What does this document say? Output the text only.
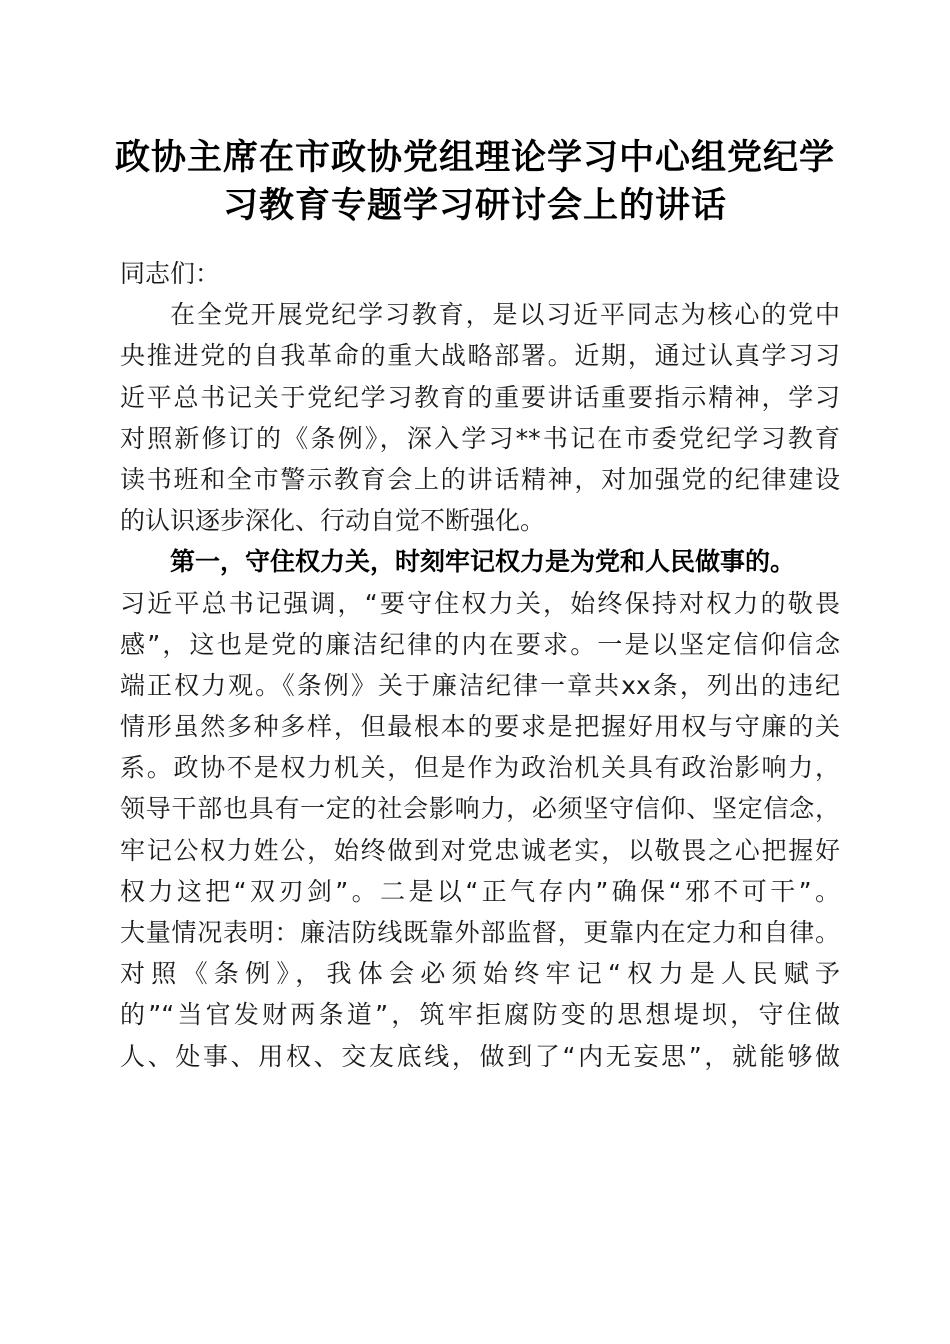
政协主席在市政协党组理论学习中心组党纪学
习教育专题学习研讨会上的讲话
同志们：
在全党开展党纪学习教育，是以习近平同志为核心的党中
央推进党的自我革命的重大战略部署。近期，通过认真学习习
近平总书记关于党纪学习教育的重要讲话重要指示精神，学习
对照新修订的《条例》，深入学习**书记在市委党纪学习教育
读书班和全市警示教育会上的讲话精神，对加强党的纪律建设
的认识逐步深化、行动自觉不断强化。
第一，守住权力关，时刻牢记权力是为党和人民做事的。
习近平总书记强调，“要守住权力关，始终保持对权力的敬畏
感”，这也是党的廉洁纪律的内在要求。一是以坚定信仰信念
端正权力观。《条例》关于廉洁纪律一章共xx条，列出的违纪
情形虽然多种多样，但最根本的要求是把握好用权与守廉的关
系。政协不是权力机关，但是作为政治机关具有政治影响力，
领导干部也具有一定的社会影响力，必须坚守信仰、坚定信念，
牢记公权力姓公，始终做到对党忠诚老实，以敬畏之心把握好
权力这把“双刃剑”。二是以“正气存内”确保“邪不可干”。
大量情况表明：廉洁防线既靠外部监督，更靠内在定力和自律。
对照《条例》，我体会必须始终牢记“权力是人民赋予
的”“当官发财两条道”，筑牢拒腐防变的思想堤坝，守住做
人、处事、用权、交友底线，做到了“内无妄思”，就能够做
